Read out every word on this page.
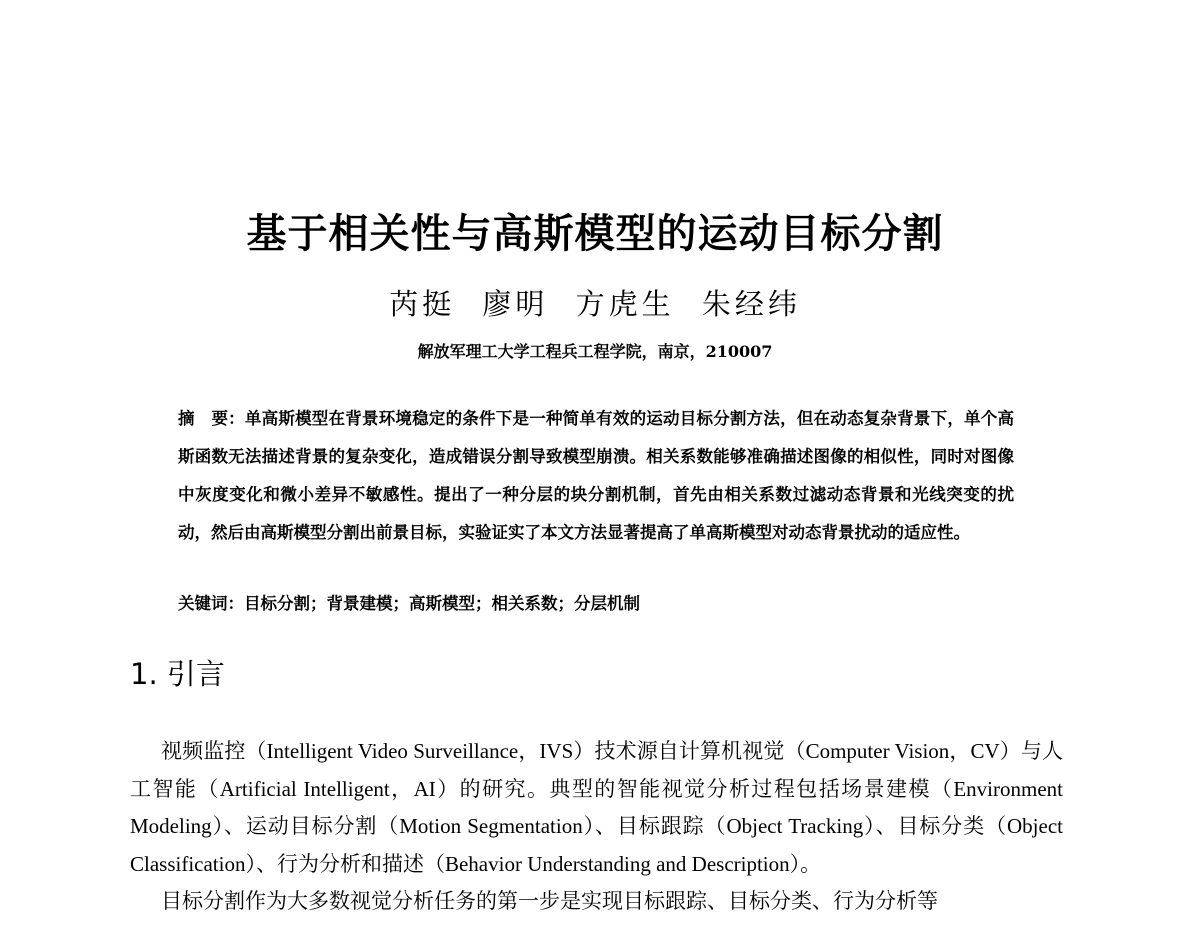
基于相关性与高斯模型的运动目标分割
芮挺 廖明 方虎生 朱经纬
解放军理工大学工程兵工程学院，南京，210007
摘　要：单高斯模型在背景环境稳定的条件下是一种简单有效的运动目标分割方法，但在动态复杂背景下，单个高斯函数无法描述背景的复杂变化，造成错误分割导致模型崩溃。相关系数能够准确描述图像的相似性，同时对图像中灰度变化和微小差异不敏感性。提出了一种分层的块分割机制，首先由相关系数过滤动态背景和光线突变的扰动，然后由高斯模型分割出前景目标，实验证实了本文方法显著提高了单高斯模型对动态背景扰动的适应性。
关键词：目标分割；背景建模；高斯模型；相关系数；分层机制
1. 引言

视频监控（Intelligent Video Surveillance，IVS）技术源自计算机视觉（Computer Vision，CV）与人工智能（Artificial Intelligent，AI）的研究。典型的智能视觉分析过程包括场景建模（Environment Modeling）、运动目标分割（Motion Segmentation）、目标跟踪（Object Tracking）、目标分类（Object Classification）、行为分析和描述（Behavior Understanding and Description）。

目标分割作为大多数视觉分析任务的第一步是实现目标跟踪、目标分类、行为分析等
